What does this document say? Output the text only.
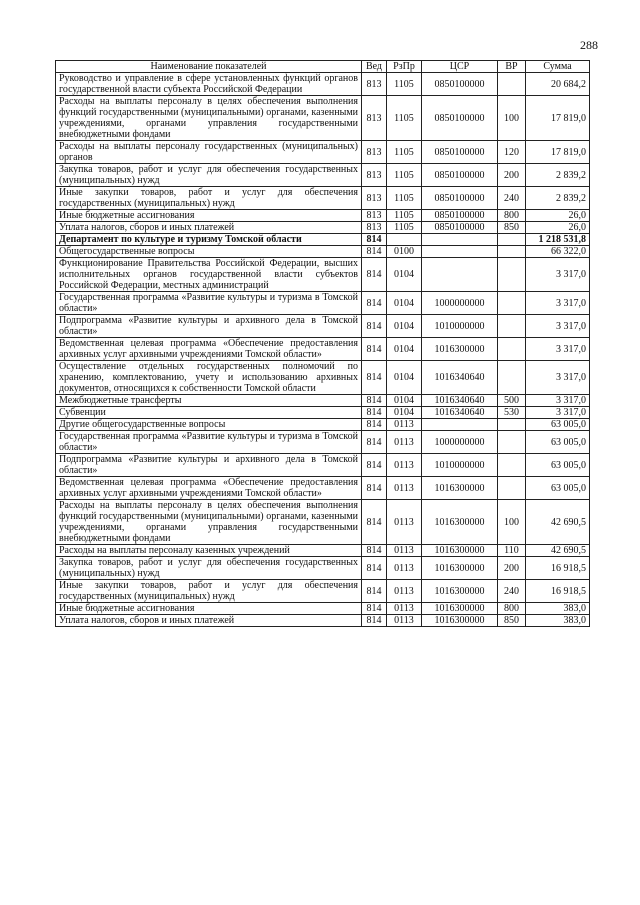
288
Наименование показателей	Вед	РзПр	ЦСР	ВР	Сумма
Руководство и управление в сфере установленных функций органов государственной власти субъекта Российской Федерации	813	1105	0850100000		20 684,2
Расходы на выплаты персоналу в целях обеспечения выполнения функций государственными (муниципальными) органами, казенными учреждениями, органами управления государственными внебюджетными фондами	813	1105	0850100000	100	17 819,0
Расходы на выплаты персоналу государственных (муниципальных) органов	813	1105	0850100000	120	17 819,0
Закупка товаров, работ и услуг для обеспечения государственных (муниципальных) нужд	813	1105	0850100000	200	2 839,2
Иные закупки товаров, работ и услуг для обеспечения государственных (муниципальных) нужд	813	1105	0850100000	240	2 839,2
Иные бюджетные ассигнования	813	1105	0850100000	800	26,0
Уплата налогов, сборов и иных платежей	813	1105	0850100000	850	26,0
Департамент по культуре и туризму Томской области	814				1 218 531,8
Общегосударственные вопросы	814	0100			66 322,0
Функционирование Правительства Российской Федерации, высших исполнительных органов государственной власти субъектов Российской Федерации, местных администраций	814	0104			3 317,0
Государственная программа «Развитие культуры и туризма в Томской области»	814	0104	1000000000		3 317,0
Подпрограмма «Развитие культуры и архивного дела в Томской области»	814	0104	1010000000		3 317,0
Ведомственная целевая программа «Обеспечение предоставления архивных услуг архивными учреждениями Томской области»	814	0104	1016300000		3 317,0
Осуществление отдельных государственных полномочий по хранению, комплектованию, учету и использованию архивных документов, относящихся к собственности Томской области	814	0104	1016340640		3 317,0
Межбюджетные трансферты	814	0104	1016340640	500	3 317,0
Субвенции	814	0104	1016340640	530	3 317,0
Другие общегосударственные вопросы	814	0113			63 005,0
Государственная программа «Развитие культуры и туризма в Томской области»	814	0113	1000000000		63 005,0
Подпрограмма «Развитие культуры и архивного дела в Томской области»	814	0113	1010000000		63 005,0
Ведомственная целевая программа «Обеспечение предоставления архивных услуг архивными учреждениями Томской области»	814	0113	1016300000		63 005,0
Расходы на выплаты персоналу в целях обеспечения выполнения функций государственными (муниципальными) органами, казенными учреждениями, органами управления государственными внебюджетными фондами	814	0113	1016300000	100	42 690,5
Расходы на выплаты персоналу казенных учреждений	814	0113	1016300000	110	42 690,5
Закупка товаров, работ и услуг для обеспечения государственных (муниципальных) нужд	814	0113	1016300000	200	16 918,5
Иные закупки товаров, работ и услуг для обеспечения государственных (муниципальных) нужд	814	0113	1016300000	240	16 918,5
Иные бюджетные ассигнования	814	0113	1016300000	800	383,0
Уплата налогов, сборов и иных платежей	814	0113	1016300000	850	383,0
